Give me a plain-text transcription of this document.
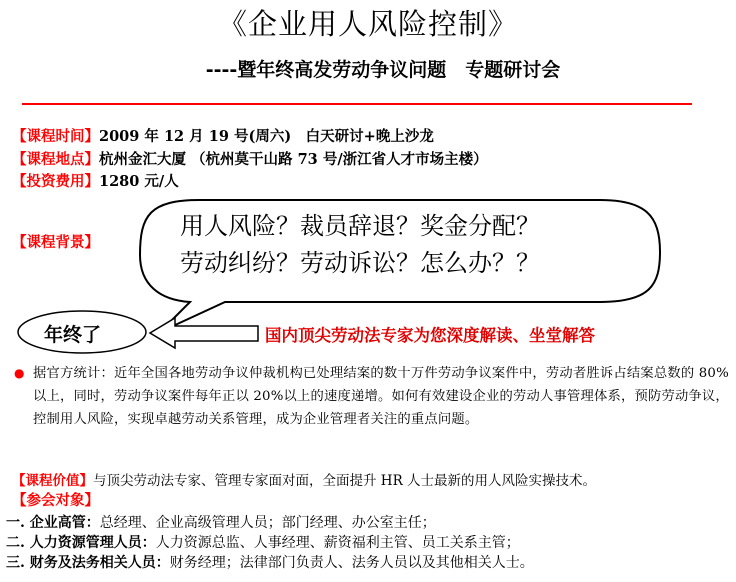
《企业用人风险控制》
----暨年终高发劳动争议问题　专题研讨会
【课程时间】2009 年 12 月 19 号(周六)　白天研讨+晚上沙龙
【课程地点】杭州金汇大厦 （杭州莫干山路 73 号/浙江省人才市场主楼）
【投资费用】1280 元/人
【课程背景】
用人风险？裁员辞退？奖金分配？
劳动纠纷？劳动诉讼？怎么办？？
年终了	国内顶尖劳动法专家为您深度解读、坐堂解答
● 据官方统计：近年全国各地劳动争议仲裁机构已处理结案的数十万件劳动争议案件中，劳动者胜诉占结案总数的 80%以上，同时，劳动争议案件每年正以 20%以上的速度递增。如何有效建设企业的劳动人事管理体系，预防劳动争议，控制用人风险，实现卓越劳动关系管理，成为企业管理者关注的重点问题。
【课程价值】与顶尖劳动法专家、管理专家面对面，全面提升 HR 人士最新的用人风险实操技术。
【参会对象】
一. 企业高管：总经理、企业高级管理人员；部门经理、办公室主任；
二. 人力资源管理人员：人力资源总监、人事经理、薪资福利主管、员工关系主管；
三. 财务及法务相关人员：财务经理；法律部门负责人、法务人员以及其他相关人士。
